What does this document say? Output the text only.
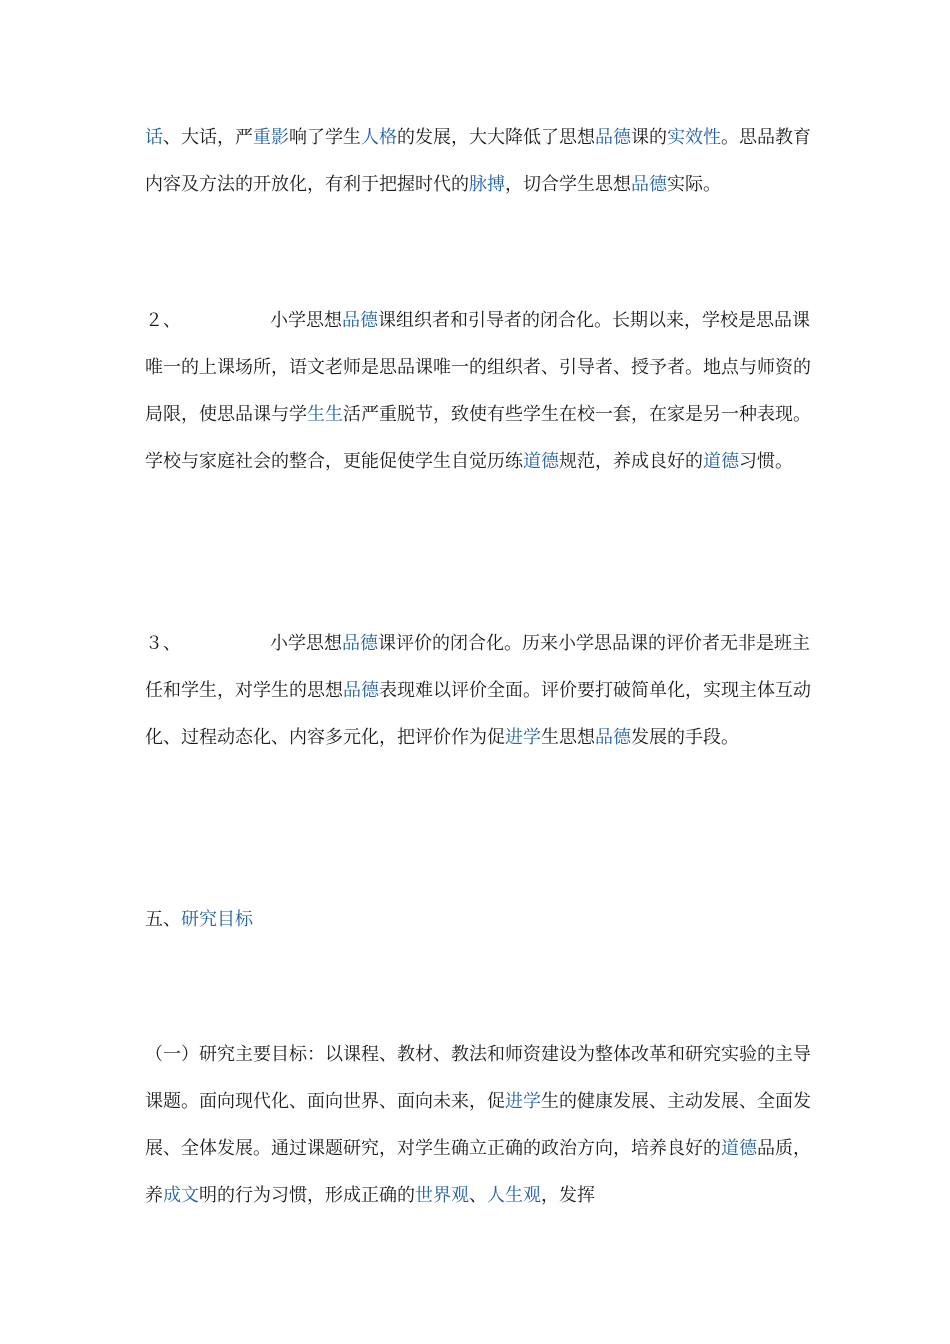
话、大话，严重影响了学生人格的发展，大大降低了思想品德课的实效性。思品教育内容及方法的开放化，有利于把握时代的脉搏，切合学生思想品德实际。

２、	小学思想品德课组织者和引导者的闭合化。长期以来，学校是思品课唯一的上课场所，语文老师是思品课唯一的组织者、引导者、授予者。地点与师资的局限，使思品课与学生生活严重脱节，致使有些学生在校一套，在家是另一种表现。学校与家庭社会的整合，更能促使学生自觉历练道德规范，养成良好的道德习惯。

３、	小学思想品德课评价的闭合化。历来小学思品课的评价者无非是班主任和学生，对学生的思想品德表现难以评价全面。评价要打破简单化，实现主体互动化、过程动态化、内容多元化，把评价作为促进学生思想品德发展的手段。

五、研究目标

（一）研究主要目标：以课程、教材、教法和师资建设为整体改革和研究实验的主导课题。面向现代化、面向世界、面向未来，促进学生的健康发展、主动发展、全面发展、全体发展。通过课题研究，对学生确立正确的政治方向，培养良好的道德品质，养成文明的行为习惯，形成正确的世界观、人生观，发挥
